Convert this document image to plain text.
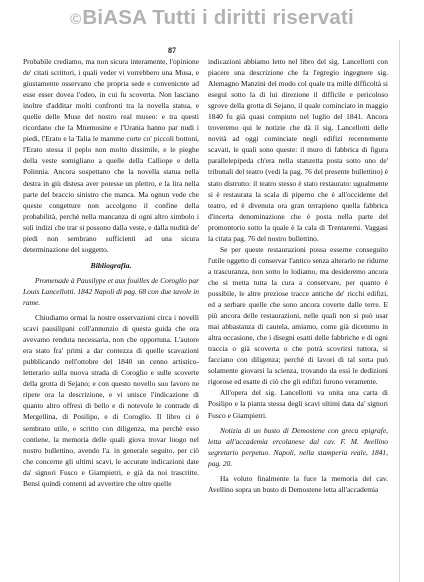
©BiASA Tutti i diritti riservati
87

Probabile crediamo, ma non sicura interamente, l'opinione de' citati scrittori, i quali veder vi vorrebbero una Musa, e giustamente osservano che propria sede e convenicnte ad esse esser dovea l'odeo, in cui fu scoverta. Non lasciano inoltre d'additar molti confronti tra la novella statua, e quelle delle Muse del nostro real museo: e tra questi ricordano che la Mnemosine e l'Urania hanno par nudi i piedi, l'Erato e la Talia le mamme corte co' piccoli bottoni, l'Erato stessa il peplo non molto dissimile, e le pieghe della veste somigliano a quelle della Calliope e della Polinnia. Ancora sospettano che la novella statua nella destra in giù distesa aver potesse un plettro, e la lira nella parte del braccio sinistro che manca. Ma ognun vede che queste congetture non accolgono il confine della probabilità, perchè nella mancanza di ogni altro simbolo i soli indizi che trar si possono dalla veste, e dalla nudità de' piedi non sembrano sufficienti ad una sicura determinazione del soggetto.

Bibliografia.

Promenade à Pausilype et aux fouilles de Coroglio par Louis Lancellotti. 1842 Napoli di pag. 68 con due tavole in rame.

Chiudiamo ormai la nostre osservazioni circa i novelli scavi pausilipani coll'annunzio di questa guida che ora avevamo renduta necessaria, non che opportuna. L'autore era stato fra' primi a dar contezza di quelle scavazioni pubblicando nell'ottobre del 1840 un cenno artistico-letterario sulla nuova strada di Coroglio e sulle scoverte della grotta di Sejano; e con questo novello suo lavoro ne ripete ora la descrizione, e vi unisce l'indicazione di quanto altro offresi di bello e di notevole le contrade di Mergellina, di Posilipo, e di Coroglio. Il libro ci è sembrato utile, e scritto con diligenza, ma perchè esso contiene, la memoria delle quali giova trovar luogo nel nostro bullettino, avendo l'a. in generale seguito, per ciò che concerne gli ultimi scavi, le accurate indicazioni date da' signori Fusco e Giampietri, e già da noi trascritte. Bensì quindi contenti ad avvertire che oltre quelle

indicazioni abbiamo letto nel libro del sig. Lancellotti con piacere una descrizione che fa l'egregio ingegnere sig. Alemagno Manzini del modo col quale tra mille difficoltà si eseguì sotto la di lui direzione il difficile e pericoloso sgrove della grotta di Sejano, il quale cominciato in maggio 1840 fu già quasi compiuto nel luglio del 1841. Ancora troveremo qui le notizie che dà il sig. Lancellotti delle novità ad oggi cominciate negli edifizi recentemente scavati, le quali sono queste: il muro di fabbrica di figura parallelepipeda ch'era nella stanzetta posta sotto uno de' tribunali del teatro (vedi la pag. 76 del presente bullettino) è stato distrutto: il teatro stesso è stato restaurato: ugualmente si è restaurata la scala di piperno che è all'occidente del teatro, ed è divenuta ora gran terrapieno quella fabbrica d'incerta denominazione che è posta nella parte del promontorio sotto la quale è la cala di Trentaremi. Vaggasi la citata pag. 76 del nostro bullettino.

Se per queste restaurazioni possa esserne conseguito l'utile oggetto di conservar l'antico senza alterarlo ne ridurne a trascuranza, non sotto lo lodiamo, ma desideremo ancora che si metta tutta la cura a conservare, per quanto è possibile, le altre preziose tracce antiche de' ricchi edifizi, ed a serbare quelle che sono ancora coverte dalle terre. E più ancora delle restaurazioni, nelle quali non si può usar mai abbastanza di cautela, amiamo, come già dicemmo in altra occasione, che i disegni esatti delle fabbriche e di ogni traccia o già scoverta o che potrà scovrirsi tuttora, si facciano con diligenza; perchè di lavori di tal sorta può solamente giovarsi la scienza, trovando da essi le dedizioni rigorose ed esatte di ciò che gli edifizi furono veramente.

All'opera del sig. Lancellotti va unita una carta di Posilipo e la pianta stessa degli scavi ultimi data da' signori Fusco e Giampietri.

Notizia di un busto di Demostene con greca epigrafe, letta all'accademia ercolanese dal cav. F. M. Avellino segretario perpetuo. Napoli, nella stamperia reale, 1841, pag. 20.

Ha voluto finalmente la fuce la memoria del cav. Avellino sopra un busto di Demostene letta all'accademia
